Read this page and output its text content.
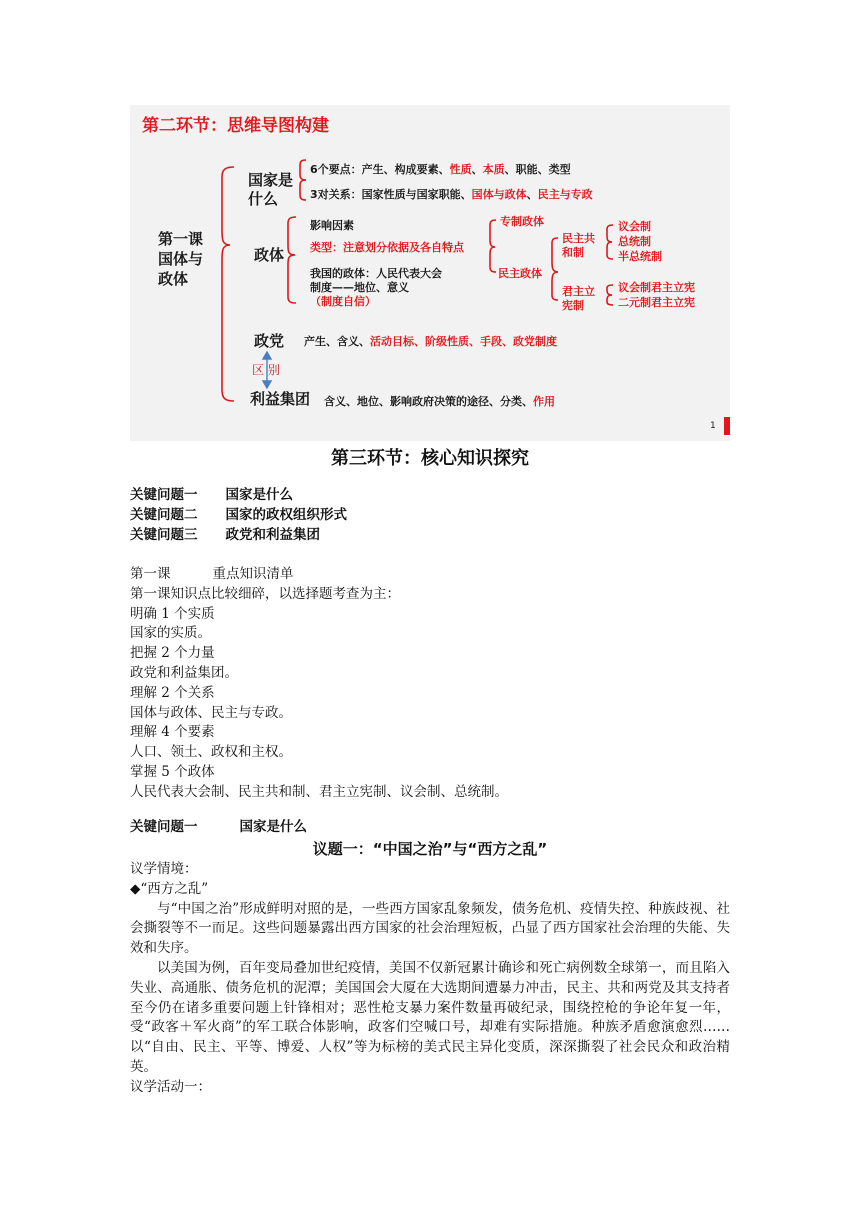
第二环节：思维导图构建
第一课
国体与
政体
国家是
什么
6个要点：产生、构成要素、性质、本质、职能、类型
3对关系：国家性质与国家职能、国体与政体、民主与专政
政体
影响因素
类型：注意划分依据及各自特点
我国的政体：人民代表大会
制度——地位、意义
（制度自信）
专制政体
民主政体
民主共
和制
议会制
总统制
半总统制
君主立
宪制
议会制君主立宪
二元制君主立宪
政党 产生、含义、活动目标、阶级性质、手段、政党制度
区 别
利益集团 含义、地位、影响政府决策的途径、分类、作用
1
第三环节：核心知识探究
关键问题一 国家是什么
关键问题二 国家的政权组织形式
关键问题三 政党和利益集团
第一课	重点知识清单
第一课知识点比较细碎，以选择题考查为主：
明确 1 个实质
国家的实质。
把握 2 个力量
政党和利益集团。
理解 2 个关系
国体与政体、民主与专政。
理解 4 个要素
人口、领土、政权和主权。
掌握 5 个政体
人民代表大会制、民主共和制、君主立宪制、议会制、总统制。
关键问题一	国家是什么
议题一：“中国之治”与“西方之乱”
议学情境：
◆“西方之乱”

与“中国之治”形成鲜明对照的是，一些西方国家乱象频发，债务危机、疫情失控、种族歧视、社会撕裂等不一而足。这些问题暴露出西方国家的社会治理短板，凸显了西方国家社会治理的失能、失效和失序。

以美国为例，百年变局叠加世纪疫情，美国不仅新冠累计确诊和死亡病例数全球第一，而且陷入失业、高通胀、债务危机的泥潭；美国国会大厦在大选期间遭暴力冲击，民主、共和两党及其支持者至今仍在诸多重要问题上针锋相对；恶性枪支暴力案件数量再破纪录，围绕控枪的争论年复一年，受“政客＋军火商”的军工联合体影响，政客们空喊口号，却难有实际措施。种族矛盾愈演愈烈……以“自由、民主、平等、博爱、人权”等为标榜的美式民主异化变质，深深撕裂了社会民众和政治精英。

议学活动一：
